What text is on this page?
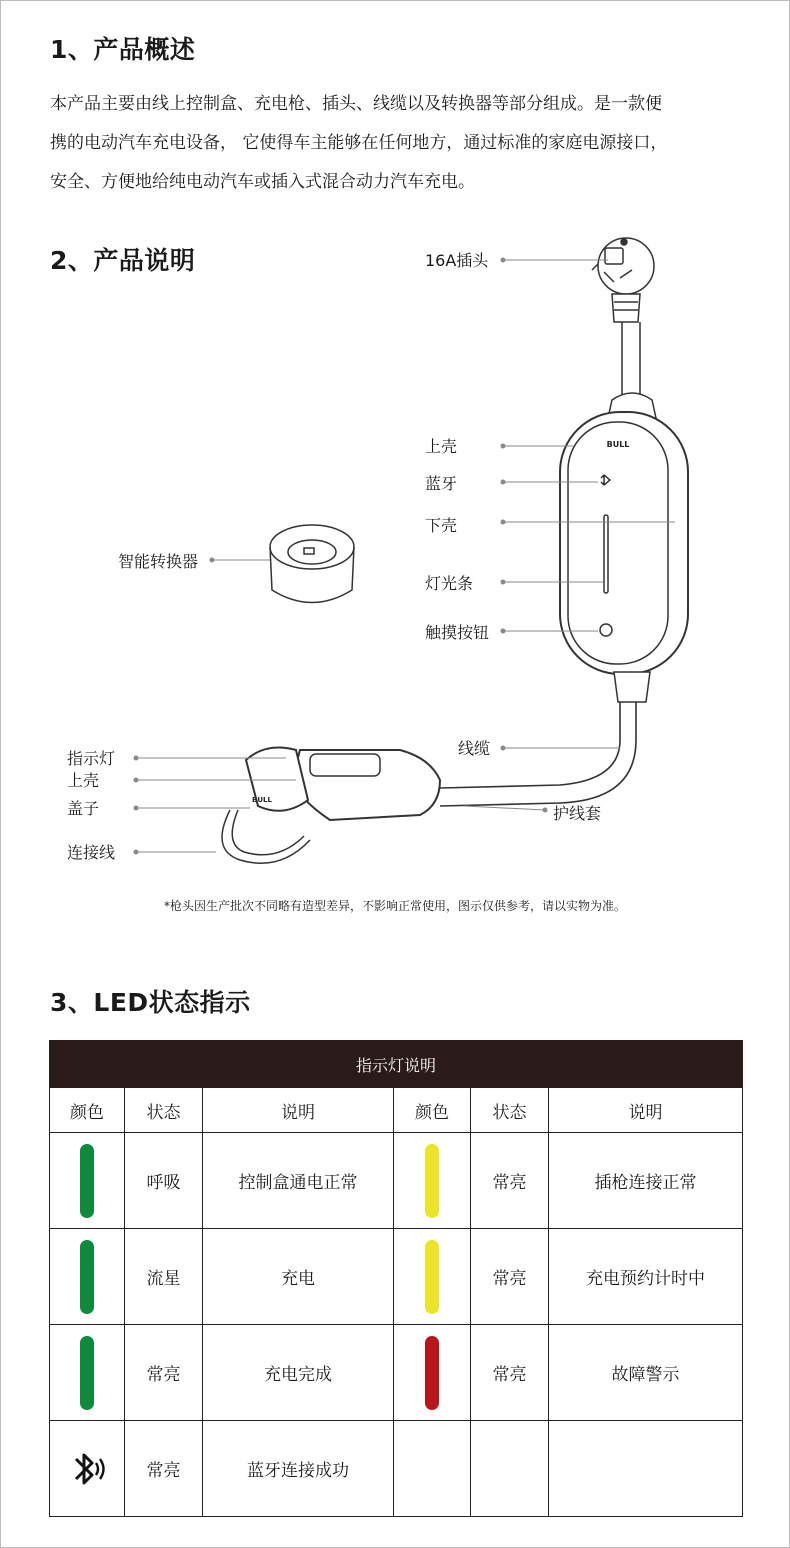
1、产品概述

本产品主要由线上控制盒、充电枪、插头、线缆以及转换器等部分组成。是一款便

携的电动汽车充电设备， 它使得车主能够在任何地方，通过标准的家庭电源接口，

安全、方便地给纯电动汽车或插入式混合动力汽车充电。

2、产品说明
BULL
BULL
16A插头
上壳
蓝牙
下壳
灯光条
触摸按钮
智能转换器
线缆
护线套
指示灯
上壳
盖子
连接线
*枪头因生产批次不同略有造型差异，不影响正常使用，图示仅供参考，请以实物为准。
3、LED状态指示
指示灯说明					
颜色	状态	说明	颜色	状态	说明
	呼吸	控制盒通电正常		常亮	插枪连接正常
	流星	充电		常亮	充电预约计时中
	常亮	充电完成		常亮	故障警示
	常亮	蓝牙连接成功			
